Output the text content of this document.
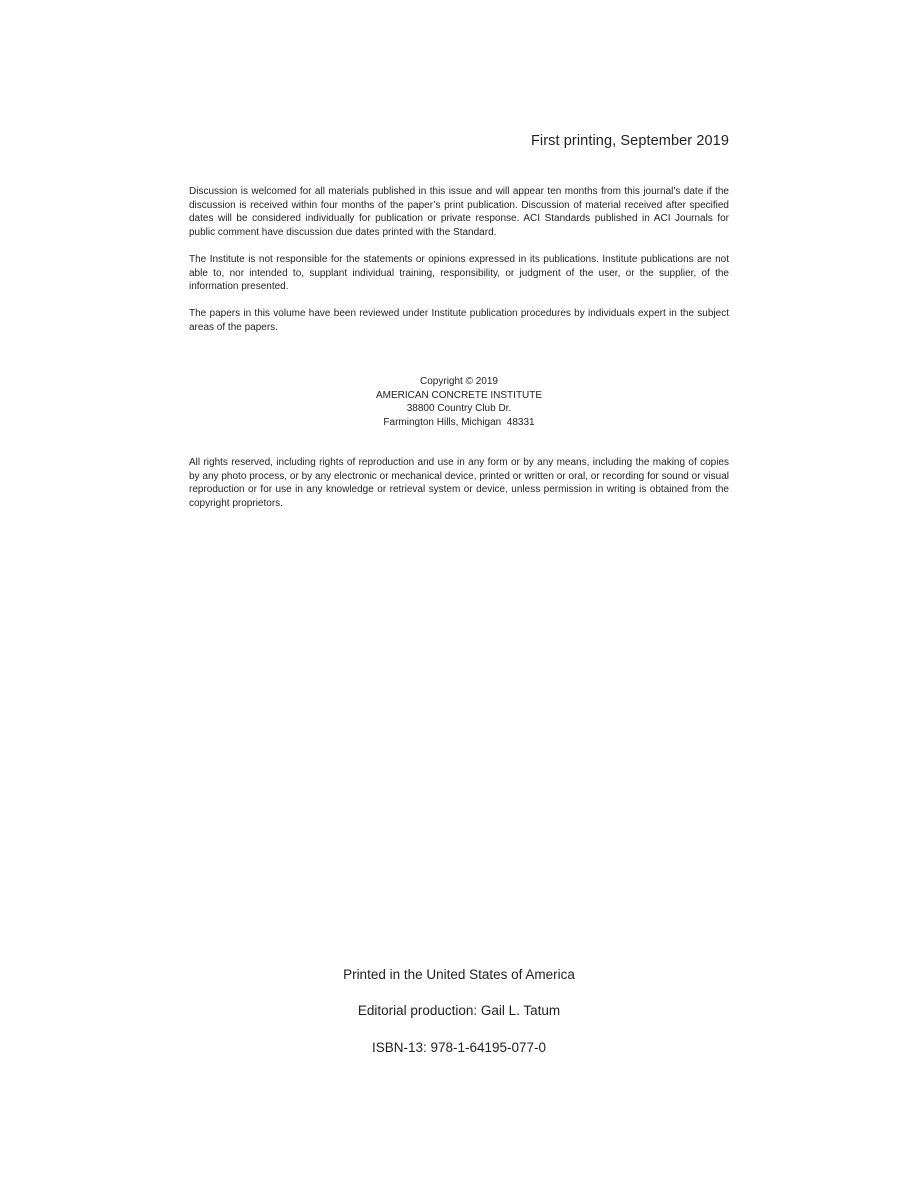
First printing, September 2019

Discussion is welcomed for all materials published in this issue and will appear ten months from this journal’s date if the discussion is received within four months of the paper’s print publication. Discussion of material received after specified dates will be considered individually for publication or private response. ACI Standards published in ACI Journals for public comment have discussion due dates printed with the Standard.

The Institute is not responsible for the statements or opinions expressed in its publications. Institute publications are not able to, nor intended to, supplant individual training, responsibility, or judgment of the user, or the supplier, of the information presented.

The papers in this volume have been reviewed under Institute publication procedures by individuals expert in the subject areas of the papers.

Copyright © 2019
AMERICAN CONCRETE INSTITUTE
38800 Country Club Dr.
Farmington Hills, Michigan  48331

All rights reserved, including rights of reproduction and use in any form or by any means, including the making of copies by any photo process, or by any electronic or mechanical device, printed or written or oral, or recording for sound or visual reproduction or for use in any knowledge or retrieval system or device, unless permission in writing is obtained from the copyright proprietors.

Printed in the United States of America
Editorial production: Gail L. Tatum
ISBN-13: 978-1-64195-077-0
